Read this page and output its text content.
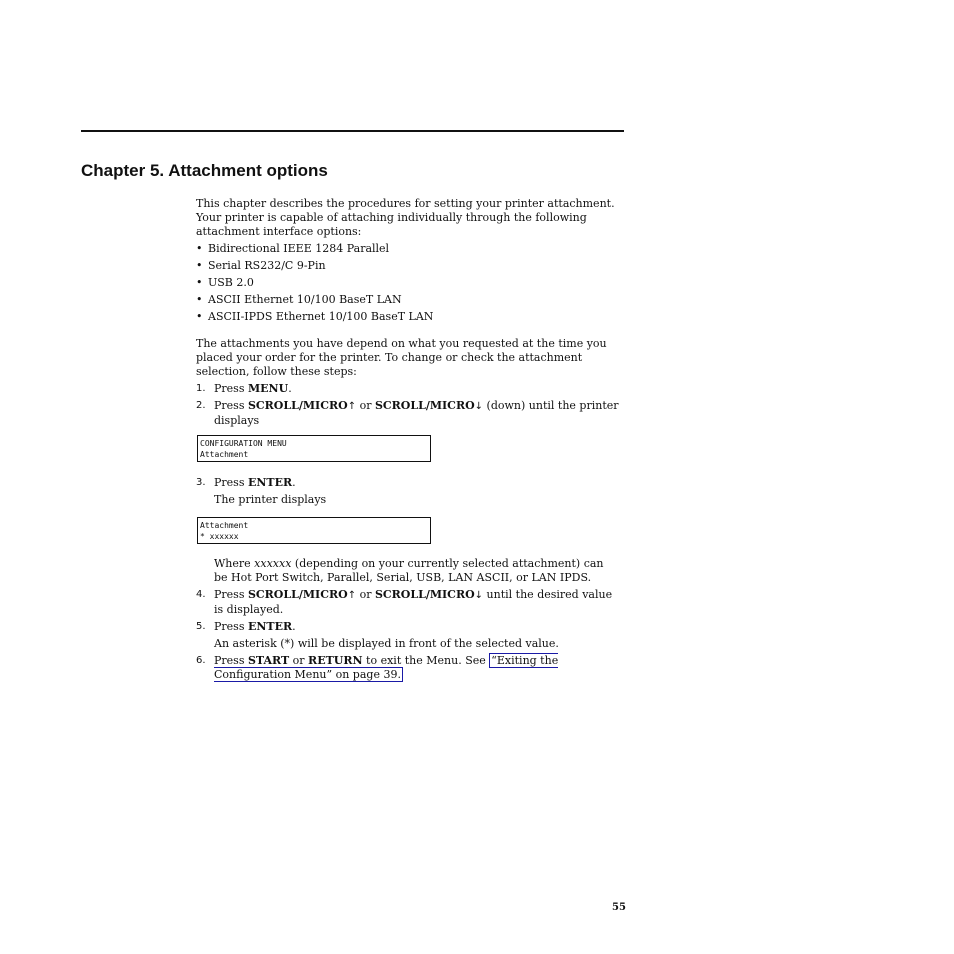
Chapter 5. Attachment options

This chapter describes the procedures for setting your printer attachment. Your printer is capable of attaching individually through the following attachment interface options:

• Bidirectional IEEE 1284 Parallel
• Serial RS232/C 9-Pin
• USB 2.0
• ASCII Ethernet 10/100 BaseT LAN
• ASCII-IPDS Ethernet 10/100 BaseT LAN

The attachments you have depend on what you requested at the time you placed your order for the printer. To change or check the attachment selection, follow these steps:

1. Press MENU.
2. Press SCROLL/MICRO↑ or SCROLL/MICRO↓ (down) until the printer displays
CONFIGURATION MENU
Attachment
3. Press ENTER.

The printer displays

Attachment
* xxxxxx
Where xxxxxx (depending on your currently selected attachment) can be Hot Port Switch, Parallel, Serial, USB, LAN ASCII, or LAN IPDS.
4. Press SCROLL/MICRO↑ or SCROLL/MICRO↓ until the desired value is displayed.
5. Press ENTER.

An asterisk (*) will be displayed in front of the selected value.

6. Press START or RETURN to exit the Menu. See “Exiting the Configuration Menu” on page 39.
55
